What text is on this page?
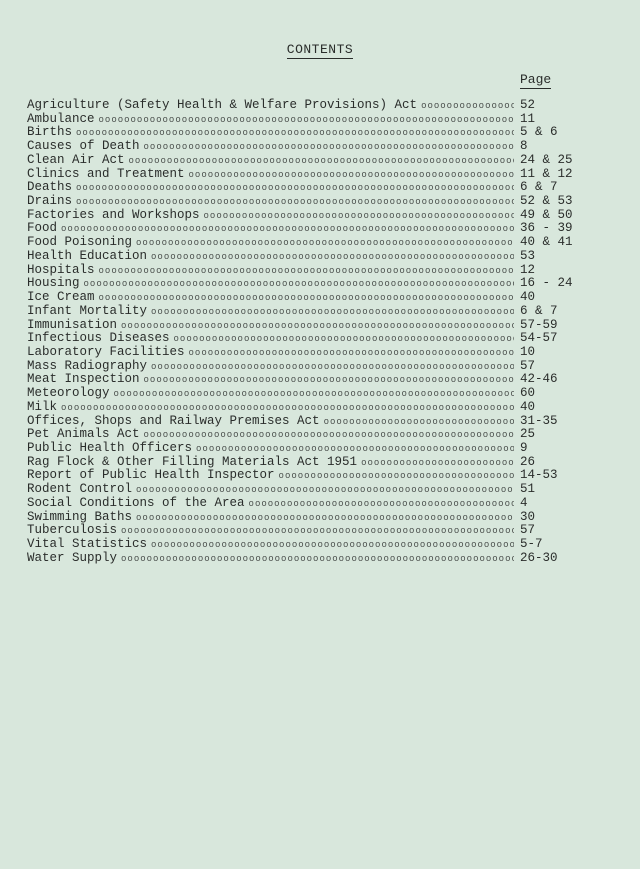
CONTENTS
Page
Agriculture (Safety Health & Welfare Provisions) Act oooooooooooooooooooooooooooooooooooooooooooooooooooooooooooooooooooooooooooooooooooooooooooooooooooooooooooooooooo	52
Ambulance oooooooooooooooooooooooooooooooooooooooooooooooooooooooooooooooooooooooooooooooooooooooooooooooooooooooooooooooooo	11
Births oooooooooooooooooooooooooooooooooooooooooooooooooooooooooooooooooooooooooooooooooooooooooooooooooooooooooooooooooo	5 & 6
Causes of Death oooooooooooooooooooooooooooooooooooooooooooooooooooooooooooooooooooooooooooooooooooooooooooooooooooooooooooooooooo	8
Clean Air Act oooooooooooooooooooooooooooooooooooooooooooooooooooooooooooooooooooooooooooooooooooooooooooooooooooooooooooooooooo	24 & 25
Clinics and Treatment oooooooooooooooooooooooooooooooooooooooooooooooooooooooooooooooooooooooooooooooooooooooooooooooooooooooooooooooooo	11 & 12
Deaths oooooooooooooooooooooooooooooooooooooooooooooooooooooooooooooooooooooooooooooooooooooooooooooooooooooooooooooooooo	6 & 7
Drains oooooooooooooooooooooooooooooooooooooooooooooooooooooooooooooooooooooooooooooooooooooooooooooooooooooooooooooooooo	52 & 53
Factories and Workshops oooooooooooooooooooooooooooooooooooooooooooooooooooooooooooooooooooooooooooooooooooooooooooooooooooooooooooooooooo	49 & 50
Food oooooooooooooooooooooooooooooooooooooooooooooooooooooooooooooooooooooooooooooooooooooooooooooooooooooooooooooooooo	36 - 39
Food Poisoning oooooooooooooooooooooooooooooooooooooooooooooooooooooooooooooooooooooooooooooooooooooooooooooooooooooooooooooooooo	40 & 41
Health Education oooooooooooooooooooooooooooooooooooooooooooooooooooooooooooooooooooooooooooooooooooooooooooooooooooooooooooooooooo	53
Hospitals oooooooooooooooooooooooooooooooooooooooooooooooooooooooooooooooooooooooooooooooooooooooooooooooooooooooooooooooooo	12
Housing oooooooooooooooooooooooooooooooooooooooooooooooooooooooooooooooooooooooooooooooooooooooooooooooooooooooooooooooooo	16 - 24
Ice Cream oooooooooooooooooooooooooooooooooooooooooooooooooooooooooooooooooooooooooooooooooooooooooooooooooooooooooooooooooo	40
Infant Mortality oooooooooooooooooooooooooooooooooooooooooooooooooooooooooooooooooooooooooooooooooooooooooooooooooooooooooooooooooo	6 & 7
Immunisation oooooooooooooooooooooooooooooooooooooooooooooooooooooooooooooooooooooooooooooooooooooooooooooooooooooooooooooooooo	57-59
Infectious Diseases oooooooooooooooooooooooooooooooooooooooooooooooooooooooooooooooooooooooooooooooooooooooooooooooooooooooooooooooooo	54-57
Laboratory Facilities oooooooooooooooooooooooooooooooooooooooooooooooooooooooooooooooooooooooooooooooooooooooooooooooooooooooooooooooooo	10
Mass Radiography oooooooooooooooooooooooooooooooooooooooooooooooooooooooooooooooooooooooooooooooooooooooooooooooooooooooooooooooooo	57
Meat Inspection oooooooooooooooooooooooooooooooooooooooooooooooooooooooooooooooooooooooooooooooooooooooooooooooooooooooooooooooooo	42-46
Meteorology oooooooooooooooooooooooooooooooooooooooooooooooooooooooooooooooooooooooooooooooooooooooooooooooooooooooooooooooooo	60
Milk oooooooooooooooooooooooooooooooooooooooooooooooooooooooooooooooooooooooooooooooooooooooooooooooooooooooooooooooooo	40
Offices, Shops and Railway Premises Act oooooooooooooooooooooooooooooooooooooooooooooooooooooooooooooooooooooooooooooooooooooooooooooooooooooooooooooooooo	31-35
Pet Animals Act oooooooooooooooooooooooooooooooooooooooooooooooooooooooooooooooooooooooooooooooooooooooooooooooooooooooooooooooooo	25
Public Health Officers oooooooooooooooooooooooooooooooooooooooooooooooooooooooooooooooooooooooooooooooooooooooooooooooooooooooooooooooooo	9
Rag Flock & Other Filling Materials Act 1951 oooooooooooooooooooooooooooooooooooooooooooooooooooooooooooooooooooooooooooooooooooooooooooooooooooooooooooooooooo	26
Report of Public Health Inspector oooooooooooooooooooooooooooooooooooooooooooooooooooooooooooooooooooooooooooooooooooooooooooooooooooooooooooooooooo	14-53
Rodent Control oooooooooooooooooooooooooooooooooooooooooooooooooooooooooooooooooooooooooooooooooooooooooooooooooooooooooooooooooo	51
Social Conditions of the Area oooooooooooooooooooooooooooooooooooooooooooooooooooooooooooooooooooooooooooooooooooooooooooooooooooooooooooooooooo	4
Swimming Baths oooooooooooooooooooooooooooooooooooooooooooooooooooooooooooooooooooooooooooooooooooooooooooooooooooooooooooooooooo	30
Tuberculosis oooooooooooooooooooooooooooooooooooooooooooooooooooooooooooooooooooooooooooooooooooooooooooooooooooooooooooooooooo	57
Vital Statistics oooooooooooooooooooooooooooooooooooooooooooooooooooooooooooooooooooooooooooooooooooooooooooooooooooooooooooooooooo	5-7
Water Supply oooooooooooooooooooooooooooooooooooooooooooooooooooooooooooooooooooooooooooooooooooooooooooooooooooooooooooooooooo	26-30
